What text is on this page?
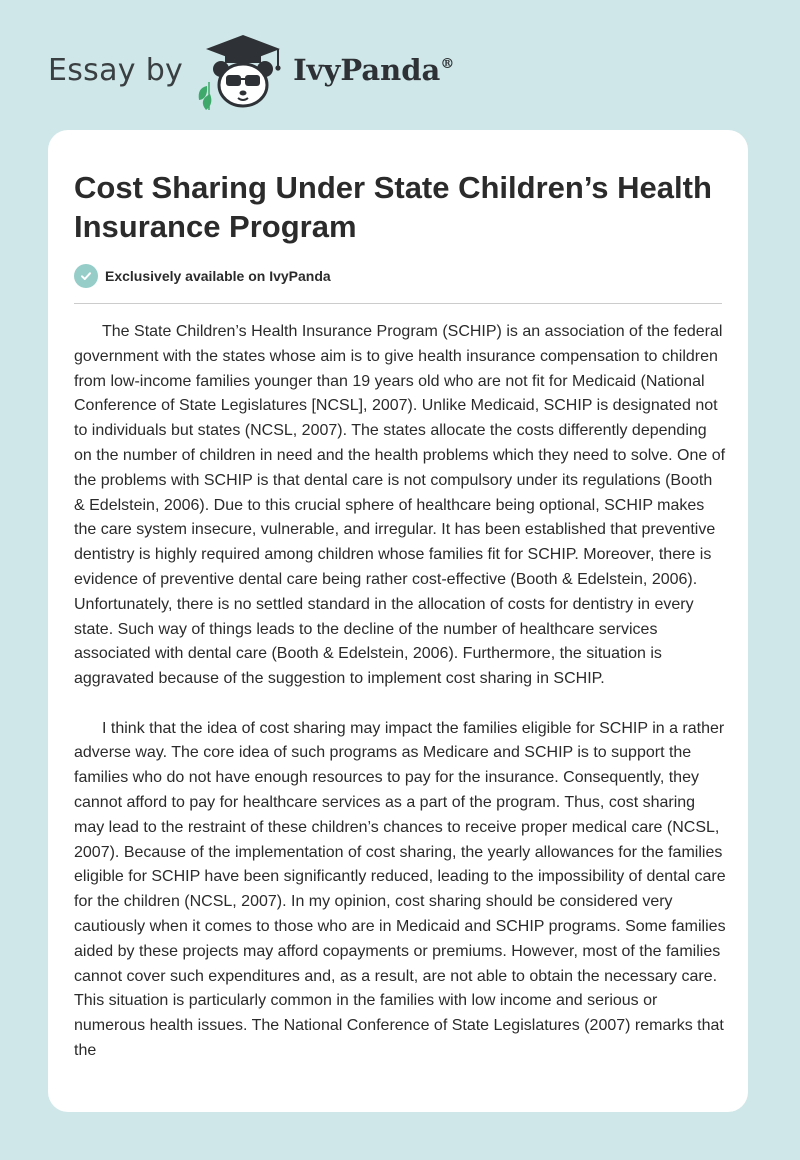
Essay by	IvyPanda®
Cost Sharing Under State Children’s Health Insurance Program
Exclusively available on IvyPanda

The State Children’s Health Insurance Program (SCHIP) is an association of the federal government with the states whose aim is to give health insurance compensation to children from low-income families younger than 19 years old who are not fit for Medicaid (National Conference of State Legislatures [NCSL], 2007). Unlike Medicaid, SCHIP is designated not to individuals but states (NCSL, 2007). The states allocate the costs differently depending on the number of children in need and the health problems which they need to solve. One of the problems with SCHIP is that dental care is not compulsory under its regulations (Booth & Edelstein, 2006). Due to this crucial sphere of healthcare being optional, SCHIP makes the care system insecure, vulnerable, and irregular. It has been established that preventive dentistry is highly required among children whose families fit for SCHIP. Moreover, there is evidence of preventive dental care being rather cost-effective (Booth & Edelstein, 2006). Unfortunately, there is no settled standard in the allocation of costs for dentistry in every state. Such way of things leads to the decline of the number of healthcare services associated with dental care (Booth & Edelstein, 2006). Furthermore, the situation is aggravated because of the suggestion to implement cost sharing in SCHIP.

I think that the idea of cost sharing may impact the families eligible for SCHIP in a rather adverse way. The core idea of such programs as Medicare and SCHIP is to support the families who do not have enough resources to pay for the insurance. Consequently, they cannot afford to pay for healthcare services as a part of the program. Thus, cost sharing may lead to the restraint of these children’s chances to receive proper medical care (NCSL, 2007). Because of the implementation of cost sharing, the yearly allowances for the families eligible for SCHIP have been significantly reduced, leading to the impossibility of dental care for the children (NCSL, 2007). In my opinion, cost sharing should be considered very cautiously when it comes to those who are in Medicaid and SCHIP programs. Some families aided by these projects may afford copayments or premiums. However, most of the families cannot cover such expenditures and, as a result, are not able to obtain the necessary care. This situation is particularly common in the families with low income and serious or numerous health issues. The National Conference of State Legislatures (2007) remarks that the
